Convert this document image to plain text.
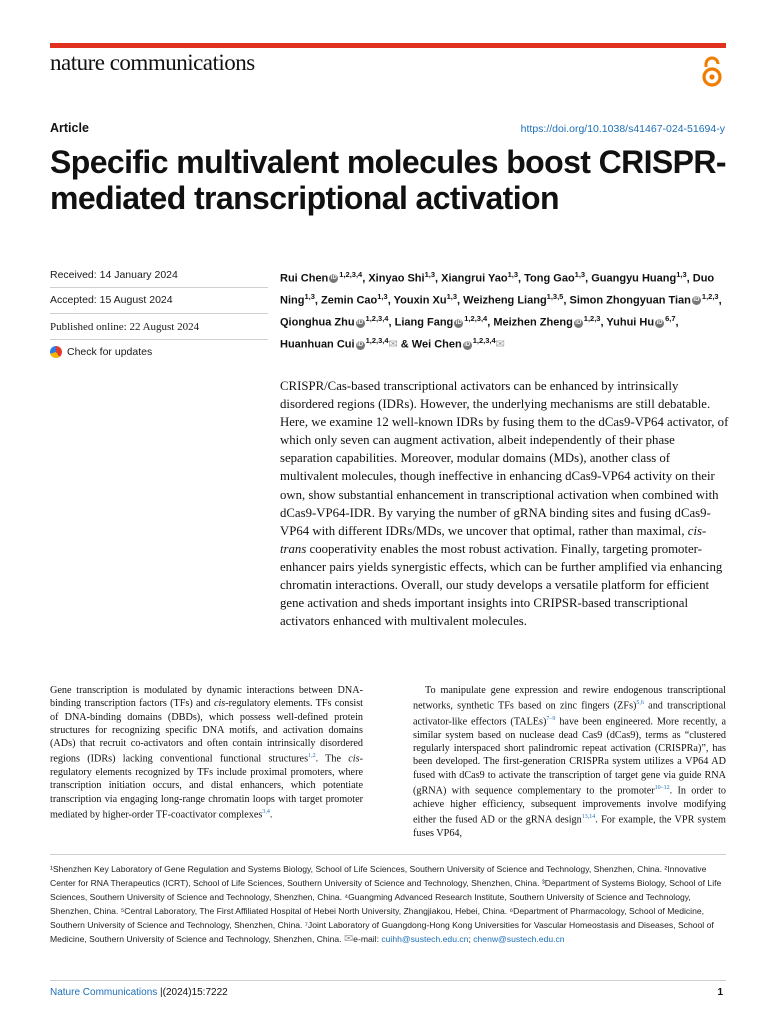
nature communications
Article	https://doi.org/10.1038/s41467-024-51694-y
Specific multivalent molecules boost CRISPR-mediated transcriptional activation
Received: 14 January 2024
Accepted: 15 August 2024
Published online: 22 August 2024
Check for updates

Rui Chen iD $^{1,2,3,4}$, Xinyao Shi$^{1,3}$, Xiangrui Yao$^{1,3}$, Tong Gao$^{1,3}$, Guangyu Huang$^{1,3}$, Duo Ning$^{1,3}$, Zemin Cao$^{1,3}$, Youxin Xu$^{1,3}$, Weizheng Liang$^{1,3,5}$, Simon Zhongyuan Tian iD $^{1,2,3}$, Qionghua Zhu iD $^{1,2,3,4}$, Liang Fang iD $^{1,2,3,4}$, Meizhen Zheng iD $^{1,2,3}$, Yuhui Hu iD $^{6,7}$, Huanhuan Cui iD $^{1,2,3,4}$✉ & Wei Chen iD $^{1,2,3,4}$✉

CRISPR/Cas-based transcriptional activators can be enhanced by intrinsically disordered regions (IDRs). However, the underlying mechanisms are still debatable. Here, we examine 12 well-known IDRs by fusing them to the dCas9-VP64 activator, of which only seven can augment activation, albeit independently of their phase separation capabilities. Moreover, modular domains (MDs), another class of multivalent molecules, though ineffective in enhancing dCas9-VP64 activity on their own, show substantial enhancement in transcriptional activation when combined with dCas9-VP64-IDR. By varying the number of gRNA binding sites and fusing dCas9-VP64 with different IDRs/MDs, we uncover that optimal, rather than maximal, cis-trans cooperativity enables the most robust activation. Finally, targeting promoter-enhancer pairs yields synergistic effects, which can be further amplified via enhancing chromatin interactions. Overall, our study develops a versatile platform for efficient gene activation and sheds important insights into CRIPSR-based transcriptional activators enhanced with multivalent molecules.

Gene transcription is modulated by dynamic interactions between DNA-binding transcription factors (TFs) and cis-regulatory elements. TFs consist of DNA-binding domains (DBDs), which possess well-defined protein structures for recognizing specific DNA motifs, and activation domains (ADs) that recruit co-activators and often contain intrinsically disordered regions (IDRs) lacking conventional functional structures$^{1,2}$. The cis-regulatory elements recognized by TFs include proximal promoters, where transcription initiation occurs, and distal enhancers, which potentiate transcription via engaging long-range chromatin loops with target promoter mediated by higher-order TF-coactivator complexes$^{3,4}$.

To manipulate gene expression and rewire endogenous transcriptional networks, synthetic TFs based on zinc fingers (ZFs)$^{5,6}$ and transcriptional activator-like effectors (TALEs)$^{7-9}$ have been engineered. More recently, a similar system based on nuclease dead Cas9 (dCas9), terms as “clustered regularly interspaced short palindromic repeat activation (CRISPRa)”, has been developed. The first-generation CRISPRa system utilizes a VP64 AD fused with dCas9 to activate the transcription of target gene via guide RNA (gRNA) with sequence complementary to the promoter$^{10-12}$. In order to achieve higher efficiency, subsequent improvements involve modifying either the fused AD or the gRNA design$^{13,14}$. For example, the VPR system fuses VP64,

¹Shenzhen Key Laboratory of Gene Regulation and Systems Biology, School of Life Sciences, Southern University of Science and Technology, Shenzhen, China. ²Innovative Center for RNA Therapeutics (ICRT), School of Life Sciences, Southern University of Science and Technology, Shenzhen, China. ³Department of Systems Biology, School of Life Sciences, Southern University of Science and Technology, Shenzhen, China. ⁴Guangming Advanced Research Institute, Southern University of Science and Technology, Shenzhen, China. ⁵Central Laboratory, The First Affiliated Hospital of Hebei North University, Zhangjiakou, Hebei, China. ⁶Department of Pharmacology, School of Medicine, Southern University of Science and Technology, Shenzhen, China. ⁷Joint Laboratory of Guangdong-Hong Kong Universities for Vascular Homeostasis and Diseases, School of Medicine, Southern University of Science and Technology, Shenzhen, China. ✉e-mail: cuihh@sustech.edu.cn; chenw@sustech.edu.cn

Nature Communications |(2024)15:7222	1
